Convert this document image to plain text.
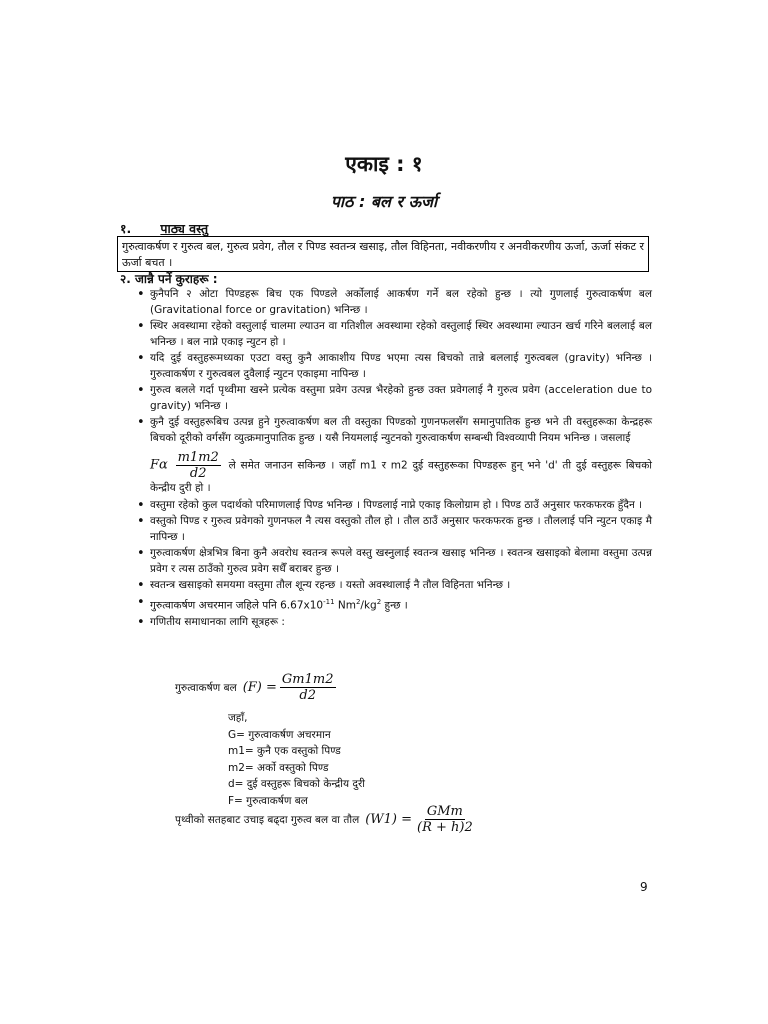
एकाइ : १
पाठ : बल र ऊर्जा
१. पाठ्य वस्तु
गुरुत्वाकर्षण र गुरुत्व बल, गुरुत्व प्रवेग, तौल र पिण्ड स्वतन्त्र खसाइ, तौल विहिनता, नवीकरणीय र अनवीकरणीय ऊर्जा, ऊर्जा संकट र ऊर्जा बचत ।
२. जान्नै पर्ने कुराहरू :
• कुनैपनि २ ओटा पिण्डहरू बिच एक पिण्डले अर्कोलाई आकर्षण गर्ने बल रहेको हुन्छ । त्यो गुणलाई गुरुत्वाकर्षण बल (Gravitational force or gravitation) भनिन्छ ।
• स्थिर अवस्थामा रहेको वस्तुलाई चालमा ल्याउन वा गतिशील अवस्थामा रहेको वस्तुलाई स्थिर अवस्थामा ल्याउन खर्च गरिने बललाई बल भनिन्छ । बल नाप्ने एकाइ न्युटन हो ।
• यदि दुई वस्तुहरूमध्यका एउटा वस्तु कुनै आकाशीय पिण्ड भएमा त्यस बिचको तान्ने बललाई गुरुत्वबल (gravity) भनिन्छ । गुरुत्वाकर्षण र गुरुत्वबल दुवैलाई न्युटन एकाइमा नापिन्छ ।
• गुरुत्व बलले गर्दा पृथ्वीमा खस्ने प्रत्येक वस्तुमा प्रवेग उत्पन्न भैरहेको हुन्छ उक्त प्रवेगलाई नै गुरुत्व प्रवेग (acceleration due to gravity) भनिन्छ ।
• कुनै दुई वस्तुहरूबिच उत्पन्न हुने गुरुत्वाकर्षण बल ती वस्तुका पिण्डको गुणनफलसँग समानुपातिक हुन्छ भने ती वस्तुहरूका केन्द्रहरू बिचको दूरीको वर्गसँग व्युत्क्रमानुपातिक हुन्छ । यसै नियमलाई न्युटनको गुरुत्वाकर्षण सम्बन्धी विश्वव्यापी नियम भनिन्छ । जसलाई
Fα $\frac{m1m2}{d2}$ ले समेत जनाउन सकिन्छ । जहाँ m1 र m2 दुई वस्तुहरूका पिण्डहरू हुन् भने 'd' ती दुई वस्तुहरू बिचको केन्द्रीय दुरी हो ।
• वस्तुमा रहेको कुल पदार्थको परिमाणलाई पिण्ड भनिन्छ । पिण्डलाई नाप्ने एकाइ किलोग्राम हो । पिण्ड ठाउँ अनुसार फरकफरक हुँदैन ।
• वस्तुको पिण्ड र गुरुत्व प्रवेगको गुणनफल नै त्यस वस्तुको तौल हो । तौल ठाउँ अनुसार फरकफरक हुन्छ । तौललाई पनि न्युटन एकाइ मै नापिन्छ ।
• गुरुत्वाकर्षण क्षेत्रभित्र बिना कुनै अवरोध स्वतन्त्र रूपले वस्तु खस्नुलाई स्वतन्त्र खसाइ भनिन्छ । स्वतन्त्र खसाइको बेलामा वस्तुमा उत्पन्न प्रवेग र त्यस ठाउँको गुरुत्व प्रवेग सधैँ बराबर हुन्छ ।
• स्वतन्त्र खसाइको समयमा वस्तुमा तौल शून्य रहन्छ । यस्तो अवस्थालाई नै तौल विहिनता भनिन्छ ।
• गुरुत्वाकर्षण अचरमान जहिले पनि $6.67x10^{-11}$ $Nm^2/kg^2$ हुन्छ ।
• गणितीय समाधानका लागि सूत्रहरू :
गुरुत्वाकर्षण बल $(F) = \frac{Gm1m2}{d2}$
जहाँ,
G= गुरुत्वाकर्षण अचरमान
m1= कुनै एक वस्तुको पिण्ड
m2= अर्को वस्तुको पिण्ड
d= दुई वस्तुहरू बिचको केन्द्रीय दुरी
F= गुरुत्वाकर्षण बल
पृथ्वीको सतहबाट उचाइ बढ्दा गुरुत्व बल वा तौल $(W1) = \frac{\text{GMm}}{(R + h)2}$
9
